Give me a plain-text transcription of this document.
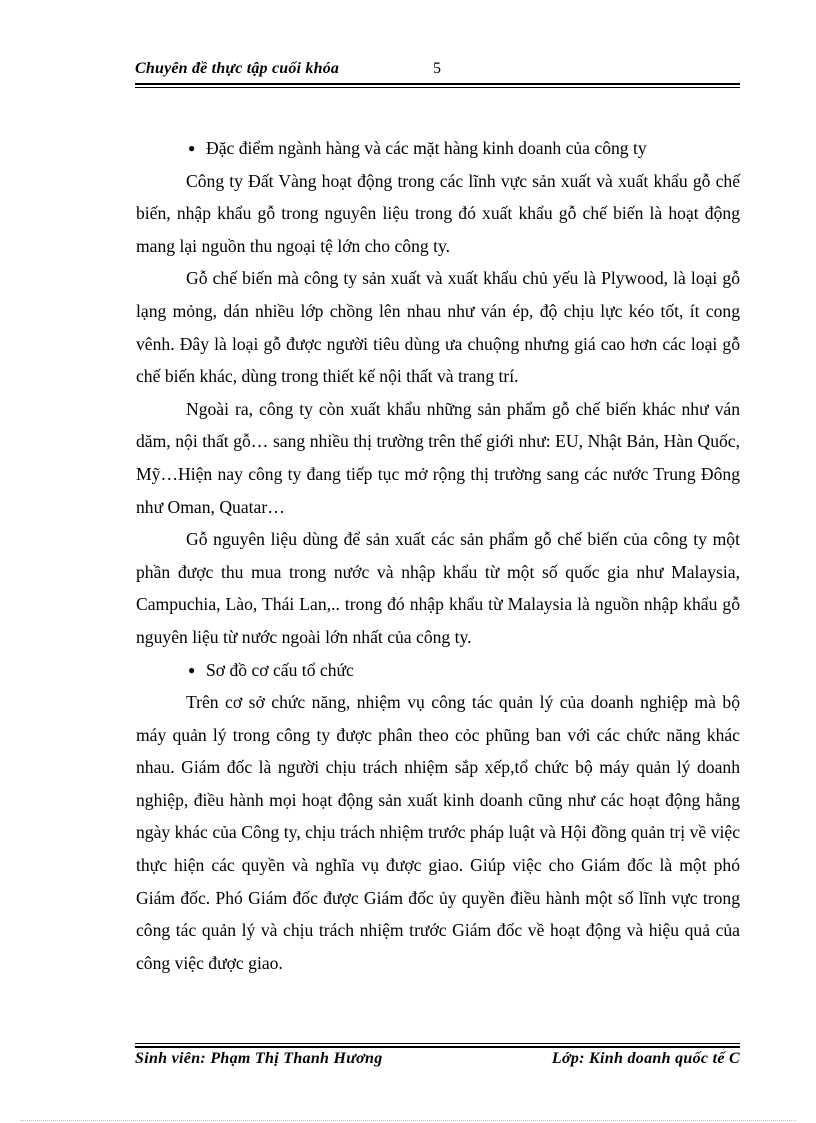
Chuyên đề thực tập cuối khóa	5

● Đặc điểm ngành hàng và các mặt hàng kinh doanh của công ty

Công ty Đất Vàng hoạt động trong các lĩnh vực sản xuất và xuất khẩu gỗ chế biến, nhập khẩu gỗ trong nguyên liệu trong đó xuất khẩu gỗ chế biến là hoạt động mang lại nguồn thu ngoại tệ lớn cho công ty.

Gỗ chế biến mà công ty sản xuất và xuất khẩu chủ yếu là Plywood, là loại gỗ lạng mỏng, dán nhiều lớp chồng lên nhau như ván ép, độ chịu lực kéo tốt, ít cong vênh. Đây là loại gỗ được người tiêu dùng ưa chuộng nhưng giá cao hơn các loại gỗ chế biến khác, dùng trong thiết kế nội thất và trang trí.

Ngoài ra, công ty còn xuất khẩu những sản phẩm gỗ chế biến khác như ván dăm, nội thất gỗ… sang nhiều thị trường trên thế giới như: EU, Nhật Bản, Hàn Quốc, Mỹ…Hiện nay công ty đang tiếp tục mở rộng thị trường sang các nước Trung Đông như Oman, Quatar…

Gỗ nguyên liệu dùng để sản xuất các sản phẩm gỗ chế biến của công ty một phần được thu mua trong nước và nhập khẩu từ một số quốc gia như Malaysia, Campuchia, Lào, Thái Lan,.. trong đó nhập khẩu từ Malaysia là nguồn nhập khẩu gỗ nguyên liệu từ nước ngoài lớn nhất của công ty.

● Sơ đồ cơ cấu tổ chức

Trên cơ sở chức năng, nhiệm vụ công tác quản lý của doanh nghiệp mà bộ máy quản lý trong công ty được phân theo cỏc phũng ban với các chức năng khác nhau. Giám đốc là người chịu trách nhiệm sắp xếp,tổ chức bộ máy quản lý doanh nghiệp, điều hành mọi hoạt động sản xuất kinh doanh cũng như các hoạt động hằng ngày khác của Công ty, chịu trách nhiệm trước pháp luật và Hội đồng quản trị về việc thực hiện các quyền và nghĩa vụ được giao. Giúp việc cho Giám đốc là một phó Giám đốc. Phó Giám đốc được Giám đốc ủy quyền điều hành một số lĩnh vực trong công tác quản lý và chịu trách nhiệm trước Giám đốc về hoạt động và hiệu quả của công việc được giao.

Sinh viên: Phạm Thị Thanh Hương	Lớp: Kinh doanh quốc tế C
